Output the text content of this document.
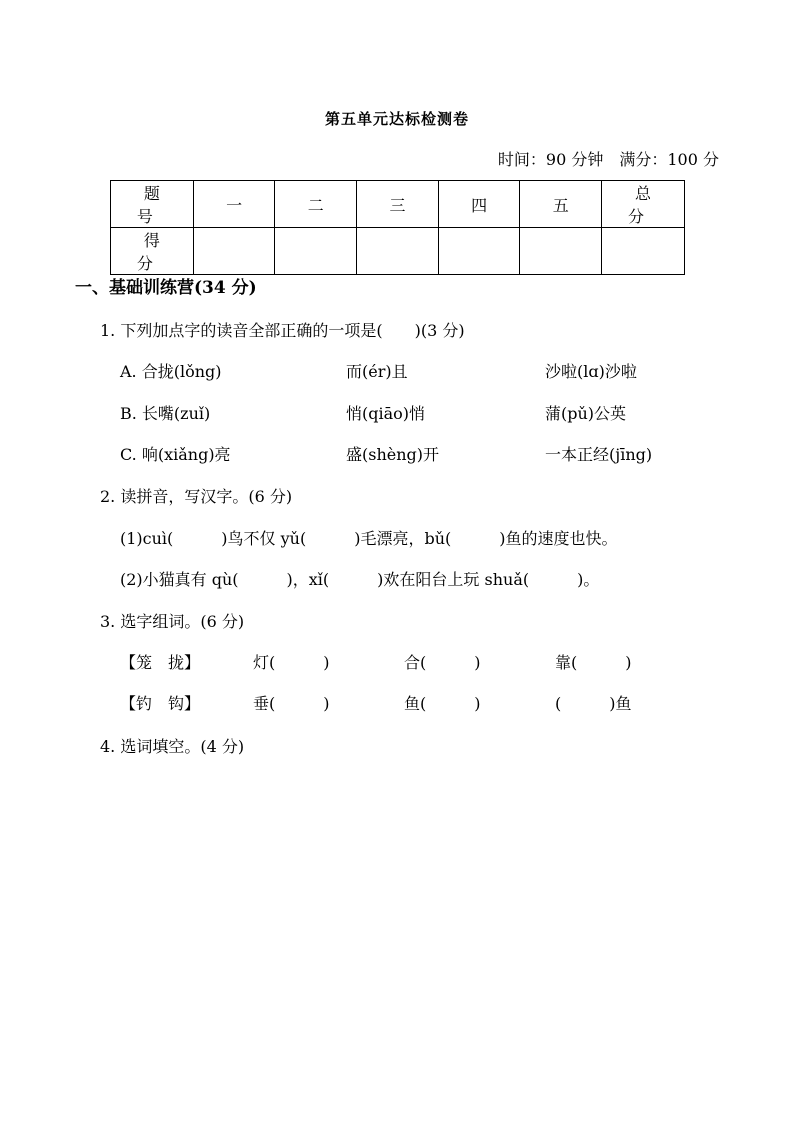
第五单元达标检测卷
时间：90 分钟　满分：100 分
题　号	一	二	三	四	五	总　分
得　分						
一、基础训练营(34 分)
1. 下列加点字的读音全部正确的一项是(　　)(3 分)
A. 合拢(lǒng)	而(ér)且	沙啦(lɑ)沙啦
B. 长嘴(zuǐ)	悄(qiāo)悄	蒲(pǔ)公英
C. 响(xiǎng)亮	盛(shèng)开	一本正经(jīng)
2. 读拼音，写汉字。(6 分)
(1)cuì(　　　)鸟不仅 yǔ(　　　)毛漂亮，bǔ(　　　)鱼的速度也快。
(2)小猫真有 qù(　　　)，xǐ(　　　)欢在阳台上玩 shuǎ(　　　)。
3. 选字组词。(6 分)
【笼　拢】	灯(　　　)	合(　　　)	靠(　　　)
【钓　钩】	垂(　　　)	鱼(　　　)	(　　　)鱼
4. 选词填空。(4 分)
